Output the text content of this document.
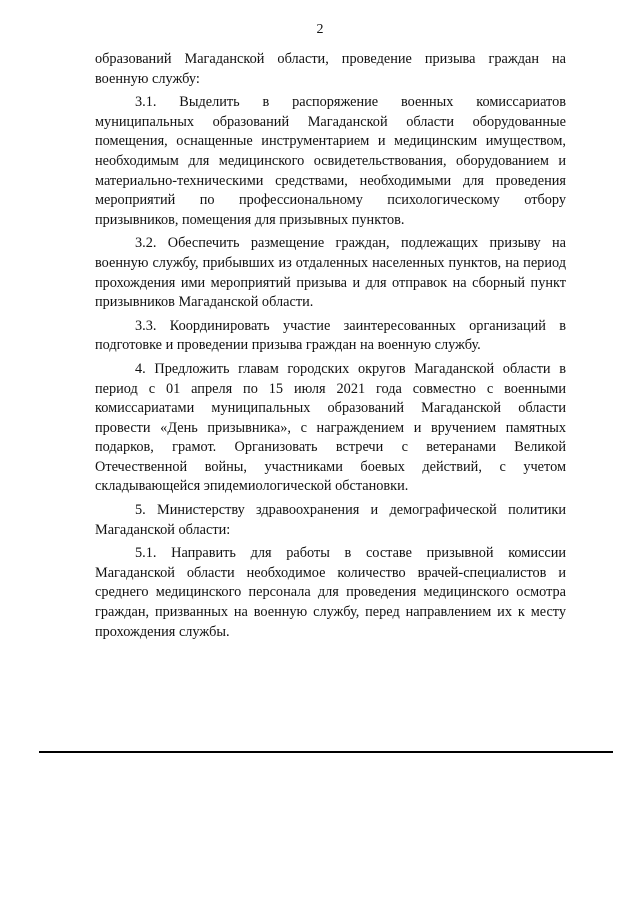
2

образований Магаданской области, проведение призыва граждан на военную службу:

3.1. Выделить в распоряжение военных комиссариатов муниципальных образований Магаданской области оборудованные помещения, оснащенные инструментарием и медицинским имуществом, необходимым для медицинского освидетельствования, оборудованием и материально-техническими средствами, необходимыми для проведения мероприятий по профессиональному психологическому отбору призывников, помещения для призывных пунктов.

3.2. Обеспечить размещение граждан, подлежащих призыву на военную службу, прибывших из отдаленных населенных пунктов, на период прохождения ими мероприятий призыва и для отправок на сборный пункт призывников Магаданской области.

3.3. Координировать участие заинтересованных организаций в подготовке и проведении призыва граждан на военную службу.

4. Предложить главам городских округов Магаданской области в период с 01 апреля по 15 июля 2021 года совместно с военными комиссариатами муниципальных образований Магаданской области провести «День призывника», с награждением и вручением памятных подарков, грамот. Организовать встречи с ветеранами Великой Отечественной войны, участниками боевых действий, с учетом складывающейся эпидемиологической обстановки.

5. Министерству здравоохранения и демографической политики Магаданской области:

5.1. Направить для работы в составе призывной комиссии Магаданской области необходимое количество врачей-специалистов и среднего медицинского персонала для проведения медицинского осмотра граждан, призванных на военную службу, перед направлением их к месту прохождения службы.
